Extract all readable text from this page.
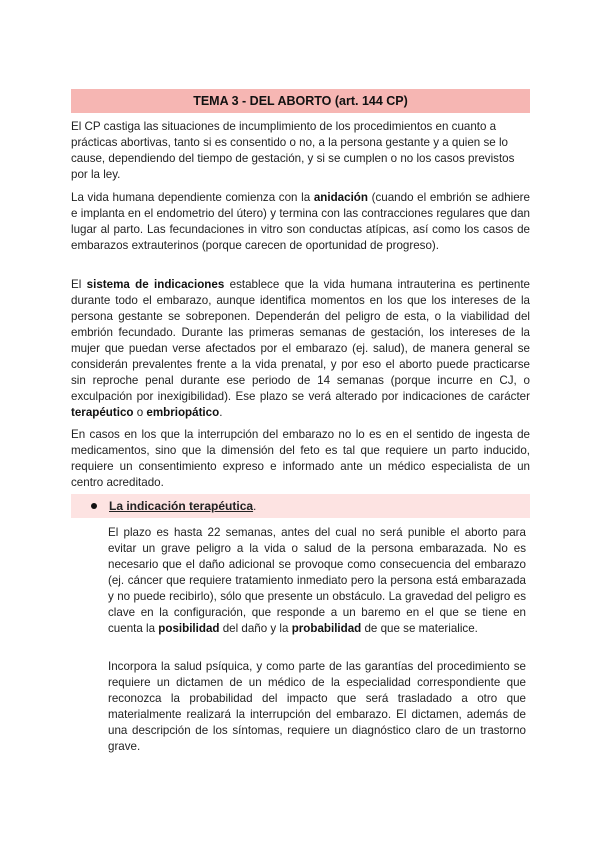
TEMA 3 - DEL ABORTO (art. 144 CP)

El CP castiga las situaciones de incumplimiento de los procedimientos en cuanto a prácticas abortivas, tanto si es consentido o no, a la persona gestante y a quien se lo cause, dependiendo del tiempo de gestación, y si se cumplen o no los casos previstos por la ley.

La vida humana dependiente comienza con la anidación (cuando el embrión se adhiere e implanta en el endometrio del útero) y termina con las contracciones regulares que dan lugar al parto. Las fecundaciones in vitro son conductas atípicas, así como los casos de embarazos extrauterinos (porque carecen de oportunidad de progreso).

El sistema de indicaciones establece que la vida humana intrauterina es pertinente durante todo el embarazo, aunque identifica momentos en los que los intereses de la persona gestante se sobreponen. Dependerán del peligro de esta, o la viabilidad del embrión fecundado. Durante las primeras semanas de gestación, los intereses de la mujer que puedan verse afectados por el embarazo (ej. salud), de manera general se considerán prevalentes frente a la vida prenatal, y por eso el aborto puede practicarse sin reproche penal durante ese periodo de 14 semanas (porque incurre en CJ, o exculpación por inexigibilidad). Ese plazo se verá alterado por indicaciones de carácter terapéutico o embriopático.

En casos en los que la interrupción del embarazo no lo es en el sentido de ingesta de medicamentos, sino que la dimensión del feto es tal que requiere un parto inducido, requiere un consentimiento expreso e informado ante un médico especialista de un centro acreditado.

La indicación terapéutica.

El plazo es hasta 22 semanas, antes del cual no será punible el aborto para evitar un grave peligro a la vida o salud de la persona embarazada. No es necesario que el daño adicional se provoque como consecuencia del embarazo (ej. cáncer que requiere tratamiento inmediato pero la persona está embarazada y no puede recibirlo), sólo que presente un obstáculo. La gravedad del peligro es clave en la configuración, que responde a un baremo en el que se tiene en cuenta la posibilidad del daño y la probabilidad de que se materialice.

Incorpora la salud psíquica, y como parte de las garantías del procedimiento se requiere un dictamen de un médico de la especialidad correspondiente que reconozca la probabilidad del impacto que será trasladado a otro que materialmente realizará la interrupción del embarazo. El dictamen, además de una descripción de los síntomas, requiere un diagnóstico claro de un trastorno grave.
